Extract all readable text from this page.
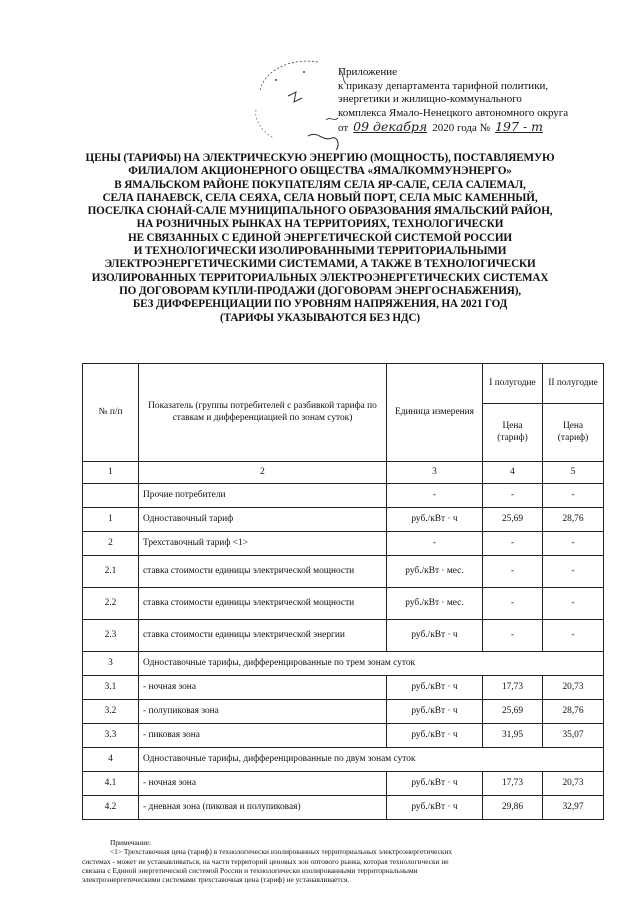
Приложение
к приказу департамента тарифной политики,
энергетики и жилищно-коммунального
комплекса Ямало-Ненецкого автономного округа
от 09 декабря 2020 года № 197 - т
ЦЕНЫ (ТАРИФЫ) НА ЭЛЕКТРИЧЕСКУЮ ЭНЕРГИЮ (МОЩНОСТЬ), ПОСТАВЛЯЕМУЮ
ФИЛИАЛОМ АКЦИОНЕРНОГО ОБЩЕСТВА «ЯМАЛКОММУНЭНЕРГО»
В ЯМАЛЬСКОМ РАЙОНЕ ПОКУПАТЕЛЯМ СЕЛА ЯР-САЛЕ, СЕЛА САЛЕМАЛ,
СЕЛА ПАНАЕВСК, СЕЛА СЕЯХА, СЕЛА НОВЫЙ ПОРТ, СЕЛА МЫС КАМЕННЫЙ,
ПОСЕЛКА СЮНАЙ-САЛЕ МУНИЦИПАЛЬНОГО ОБРАЗОВАНИЯ ЯМАЛЬСКИЙ РАЙОН,
НА РОЗНИЧНЫХ РЫНКАХ НА ТЕРРИТОРИЯХ, ТЕХНОЛОГИЧЕСКИ
НЕ СВЯЗАННЫХ С ЕДИНОЙ ЭНЕРГЕТИЧЕСКОЙ СИСТЕМОЙ РОССИИ
И ТЕХНОЛОГИЧЕСКИ ИЗОЛИРОВАННЫМИ ТЕРРИТОРИАЛЬНЫМИ
ЭЛЕКТРОЭНЕРГЕТИЧЕСКИМИ СИСТЕМАМИ, А ТАКЖЕ В ТЕХНОЛОГИЧЕСКИ
ИЗОЛИРОВАННЫХ ТЕРРИТОРИАЛЬНЫХ ЭЛЕКТРОЭНЕРГЕТИЧЕСКИХ СИСТЕМАХ
ПО ДОГОВОРАМ КУПЛИ-ПРОДАЖИ (ДОГОВОРАМ ЭНЕРГОСНАБЖЕНИЯ),
БЕЗ ДИФФЕРЕНЦИАЦИИ ПО УРОВНЯМ НАПРЯЖЕНИЯ, НА 2021 ГОД
(ТАРИФЫ УКАЗЫВАЮТСЯ БЕЗ НДС)
№ п/п	Показатель (группы потребителей с разбивкой тарифа по ставкам и дифференциацией по зонам суток)	Единица измерения	I полугодие	II полугодие
			Цена (тариф)	Цена (тариф)
1	2	3	4	5
	Прочие потребители	-	-	-
1	Одноставочный тариф	руб./кВт · ч	25,69	28,76
2	Трехставочный тариф <1>	-	-	-
2.1	ставка стоимости единицы электрической мощности	руб./кВт · мес.	-	-
2.2	ставка стоимости единицы электрической мощности	руб./кВт · мес.	-	-
2.3	ставка стоимости единицы электрической энергии	руб./кВт · ч	-	-
3	Одноставочные тарифы, дифференцированные по трем зонам суток			
3.1	- ночная зона	руб./кВт · ч	17,73	20,73
3.2	- полупиковая зона	руб./кВт · ч	25,69	28,76
3.3	- пиковая зона	руб./кВт · ч	31,95	35,07
4	Одноставочные тарифы, дифференцированные по двум зонам суток			
4.1	- ночная зона	руб./кВт · ч	17,73	20,73
4.2	- дневная зона (пиковая и полупиковая)	руб./кВт · ч	29,86	32,97
Примечание:
<1> Трехставочная цена (тариф) в технологически изолированных территориальных электроэнергетических
системах - может не устанавливаться, на части территорий ценовых зон оптового рынка, которая технологически не
связана с Единой энергетической системой России и технологически изолированными территориальными
электроэнергетическими системами трехставочная цена (тариф) не устанавливается.
